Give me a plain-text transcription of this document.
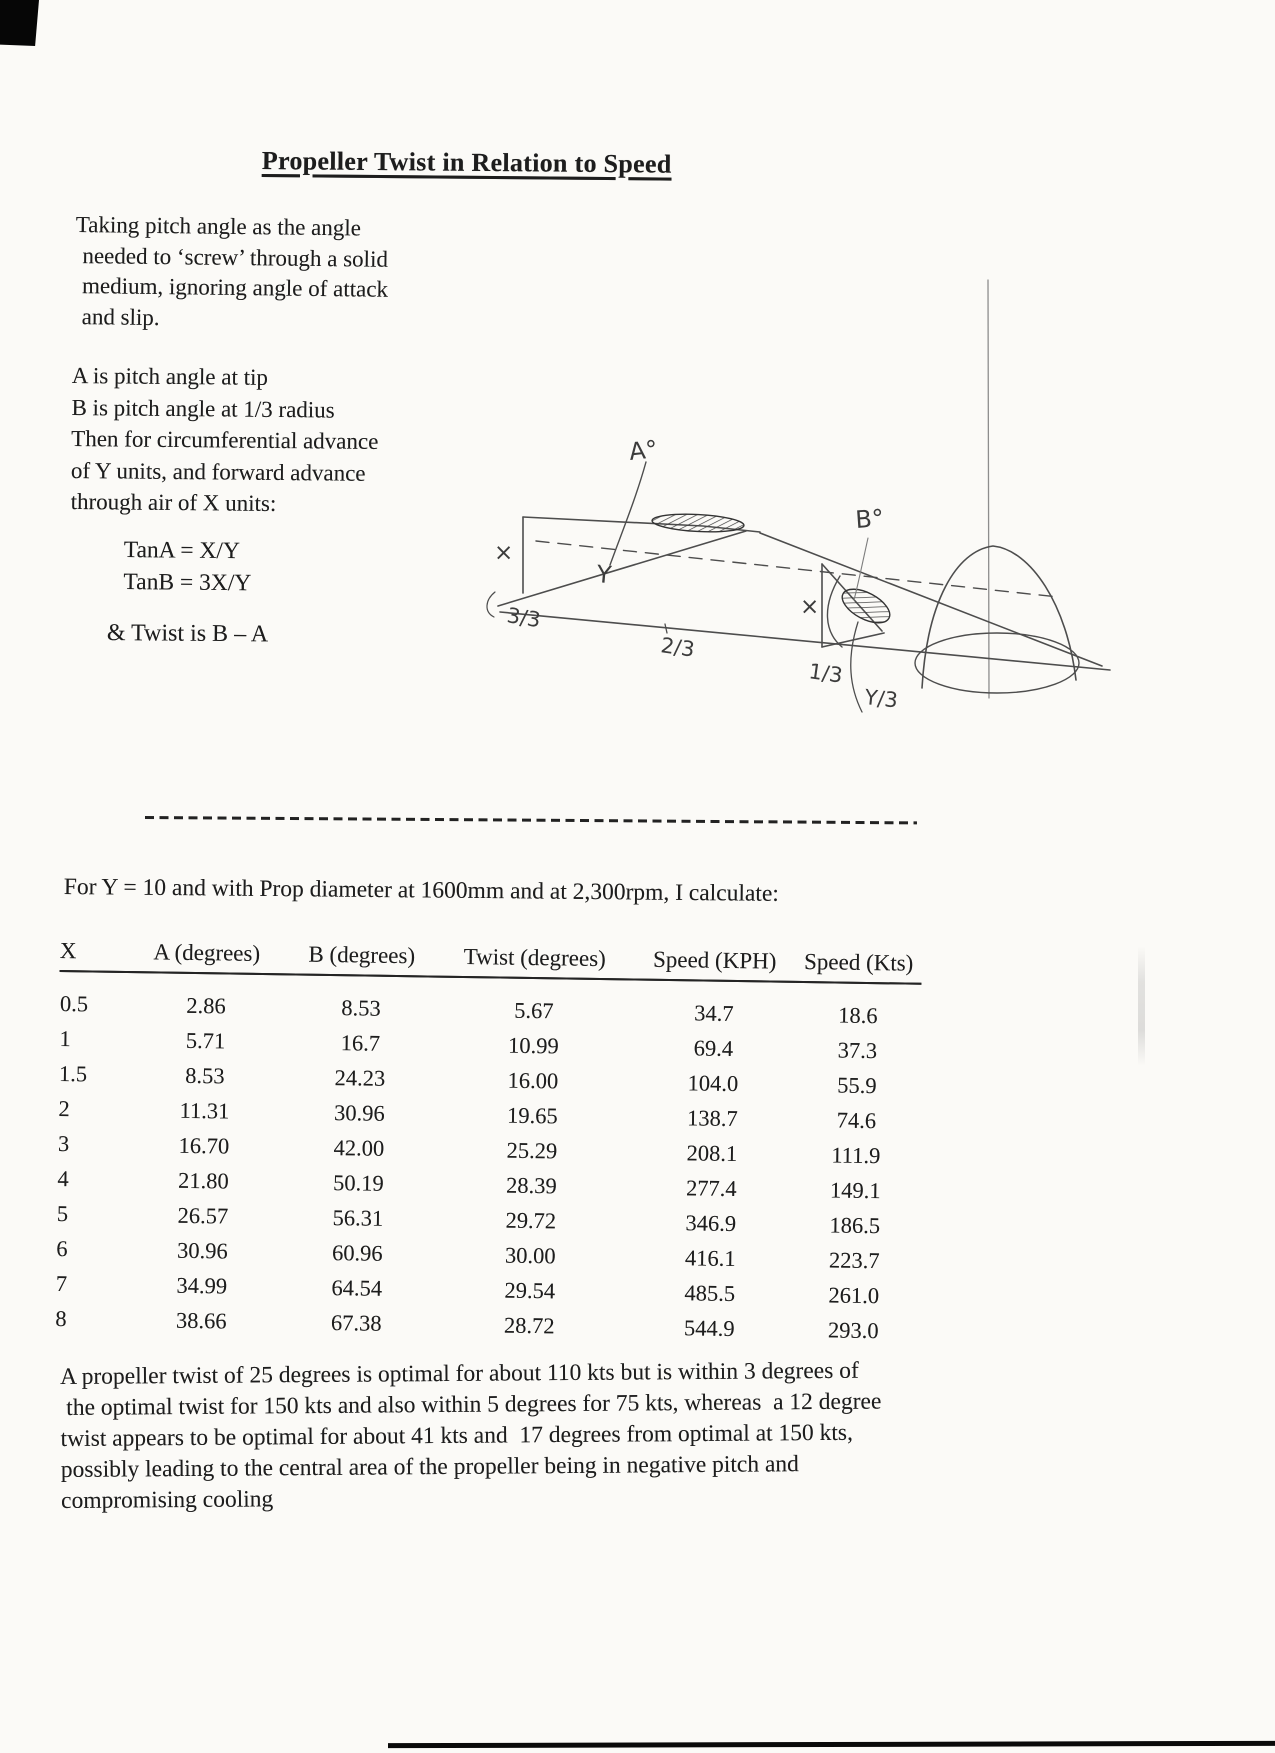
Propeller Twist in Relation to Speed
Taking pitch angle as the angle
needed to ‘screw’ through a solid
medium, ignoring angle of attack
and slip.
A is pitch angle at tip
B is pitch angle at 1/3 radius
Then for circumferential advance
of Y units, and forward advance
through air of X units:
TanA = X/Y
TanB = 3X/Y
& Twist is B – A
A°
B°
×
×
Y
3/3
2/3
1/3
Y/3
For Y = 10 and with Prop diameter at 1600mm and at 2,300rpm, I calculate:
X	A (degrees)	B (degrees)	Twist (degrees)	Speed (KPH)	Speed (Kts)
0.5	2.86	8.53	5.67	34.7	18.6
1	5.71	16.7	10.99	69.4	37.3
1.5	8.53	24.23	16.00	104.0	55.9
2	11.31	30.96	19.65	138.7	74.6
3	16.70	42.00	25.29	208.1	111.9
4	21.80	50.19	28.39	277.4	149.1
5	26.57	56.31	29.72	346.9	186.5
6	30.96	60.96	30.00	416.1	223.7
7	34.99	64.54	29.54	485.5	261.0
8	38.66	67.38	28.72	544.9	293.0
A propeller twist of 25 degrees is optimal for about 110 kts but is within 3 degrees of
the optimal twist for 150 kts and also within 5 degrees for 75 kts, whereas  a 12 degree
twist appears to be optimal for about 41 kts and  17 degrees from optimal at 150 kts,
possibly leading to the central area of the propeller being in negative pitch and
compromising cooling
